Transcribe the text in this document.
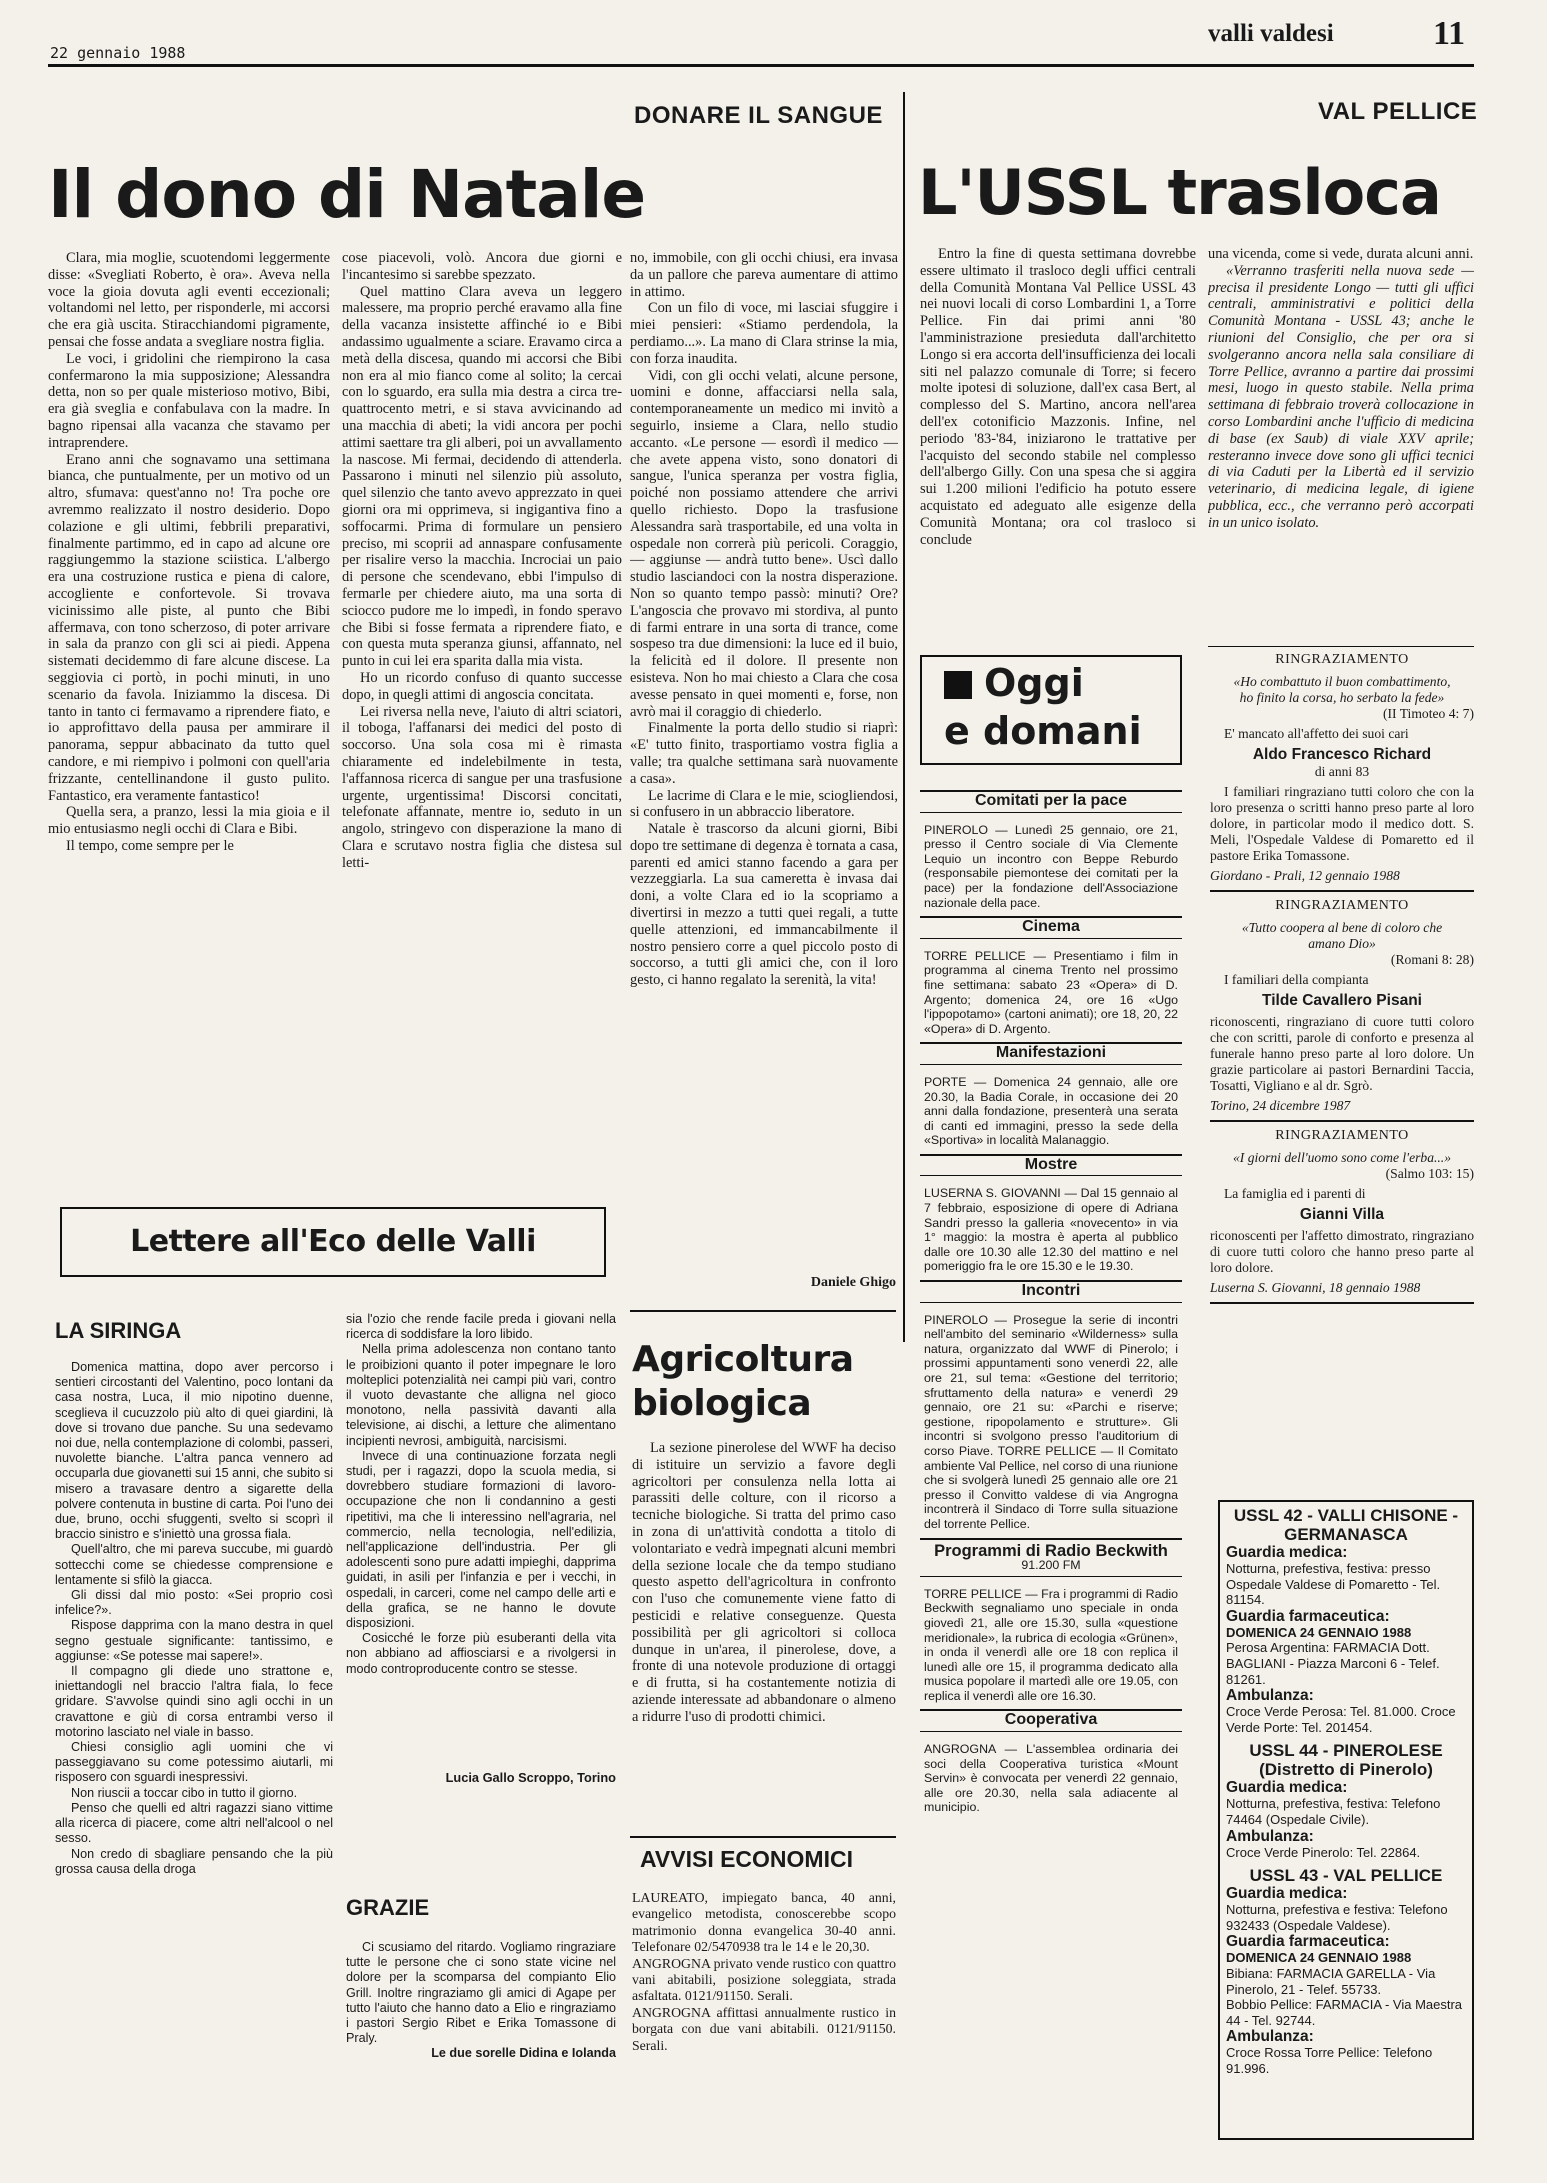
22 gennaio 1988
valli valdesi	11
DONARE IL SANGUE
Il dono di Natale

Clara, mia moglie, scuotendomi leggermente disse: «Svegliati Roberto, è ora». Aveva nella voce la gioia dovuta agli eventi eccezionali; voltandomi nel letto, per risponderle, mi accorsi che era già uscita. Stiracchiandomi pigramente, pensai che fosse andata a svegliare nostra figlia.

Le voci, i gridolini che riempirono la casa confermarono la mia supposizione; Alessandra detta, non so per quale misterioso motivo, Bibi, era già sveglia e confabulava con la madre. In bagno ripensai alla vacanza che stavamo per intraprendere.

Erano anni che sognavamo una settimana bianca, che puntualmente, per un motivo od un altro, sfumava: quest'anno no! Tra poche ore avremmo realizzato il nostro desiderio. Dopo colazione e gli ultimi, febbrili preparativi, finalmente partimmo, ed in capo ad alcune ore raggiungemmo la stazione sciistica. L'albergo era una costruzione rustica e piena di calore, accogliente e confortevole. Si trovava vicinissimo alle piste, al punto che Bibi affermava, con tono scherzoso, di poter arrivare in sala da pranzo con gli sci ai piedi. Appena sistemati decidemmo di fare alcune discese. La seggiovia ci portò, in pochi minuti, in uno scenario da favola. Iniziammo la discesa. Di tanto in tanto ci fermavamo a riprendere fiato, e io approfittavo della pausa per ammirare il panorama, seppur abbacinato da tutto quel candore, e mi riempivo i polmoni con quell'aria frizzante, centellinandone il gusto pulito. Fantastico, era veramente fantastico!

Quella sera, a pranzo, lessi la mia gioia e il mio entusiasmo negli occhi di Clara e Bibi.

Il tempo, come sempre per le

cose piacevoli, volò. Ancora due giorni e l'incantesimo si sarebbe spezzato.

Quel mattino Clara aveva un leggero malessere, ma proprio perché eravamo alla fine della vacanza insistette affinché io e Bibi andassimo ugualmente a sciare. Eravamo circa a metà della discesa, quando mi accorsi che Bibi non era al mio fianco come al solito; la cercai con lo sguardo, era sulla mia destra a circa tre-quattrocento metri, e si stava avvicinando ad una macchia di abeti; la vidi ancora per pochi attimi saettare tra gli alberi, poi un avvallamento la nascose. Mi fermai, decidendo di attenderla. Passarono i minuti nel silenzio più assoluto, quel silenzio che tanto avevo apprezzato in quei giorni ora mi opprimeva, si ingigantiva fino a soffocarmi. Prima di formulare un pensiero preciso, mi scoprii ad annaspare confusamente per risalire verso la macchia. Incrociai un paio di persone che scendevano, ebbi l'impulso di fermarle per chiedere aiuto, ma una sorta di sciocco pudore me lo impedì, in fondo speravo che Bibi si fosse fermata a riprendere fiato, e con questa muta speranza giunsi, affannato, nel punto in cui lei era sparita dalla mia vista.

Ho un ricordo confuso di quanto successe dopo, in quegli attimi di angoscia concitata.

Lei riversa nella neve, l'aiuto di altri sciatori, il toboga, l'affanarsi dei medici del posto di soccorso. Una sola cosa mi è rimasta chiaramente ed indelebilmente in testa, l'affannosa ricerca di sangue per una trasfusione urgente, urgentissima! Discorsi concitati, telefonate affannate, mentre io, seduto in un angolo, stringevo con disperazione la mano di Clara e scrutavo nostra figlia che distesa sul letti-

no, immobile, con gli occhi chiusi, era invasa da un pallore che pareva aumentare di attimo in attimo.

Con un filo di voce, mi lasciai sfuggire i miei pensieri: «Stiamo perdendola, la perdiamo...». La mano di Clara strinse la mia, con forza inaudita.

Vidi, con gli occhi velati, alcune persone, uomini e donne, affacciarsi nella sala, contemporaneamente un medico mi invitò a seguirlo, insieme a Clara, nello studio accanto. «Le persone — esordì il medico — che avete appena visto, sono donatori di sangue, l'unica speranza per vostra figlia, poiché non possiamo attendere che arrivi quello richiesto. Dopo la trasfusione Alessandra sarà trasportabile, ed una volta in ospedale non correrà più pericoli. Coraggio, — aggiunse — andrà tutto bene». Uscì dallo studio lasciandoci con la nostra disperazione. Non so quanto tempo passò: minuti? Ore? L'angoscia che provavo mi stordiva, al punto di farmi entrare in una sorta di trance, come sospeso tra due dimensioni: la luce ed il buio, la felicità ed il dolore. Il presente non esisteva. Non ho mai chiesto a Clara che cosa avesse pensato in quei momenti e, forse, non avrò mai il coraggio di chiederlo.

Finalmente la porta dello studio si riaprì: «E' tutto finito, trasportiamo vostra figlia a valle; tra qualche settimana sarà nuovamente a casa».

Le lacrime di Clara e le mie, sciogliendosi, si confusero in un abbraccio liberatore.

Natale è trascorso da alcuni giorni, Bibi dopo tre settimane di degenza è tornata a casa, parenti ed amici stanno facendo a gara per vezzeggiarla. La sua cameretta è invasa dai doni, a volte Clara ed io la scopriamo a divertirsi in mezzo a tutti quei regali, a tutte quelle attenzioni, ed immancabilmente il nostro pensiero corre a quel piccolo posto di soccorso, a tutti gli amici che, con il loro gesto, ci hanno regalato la serenità, la vita!

Daniele Ghigo
Lettere all'Eco delle Valli
LA SIRINGA

Domenica mattina, dopo aver percorso i sentieri circostanti del Valentino, poco lontani da casa nostra, Luca, il mio nipotino duenne, sceglieva il cucuzzolo più alto di quei giardini, là dove si trovano due panche. Su una sedevamo noi due, nella contemplazione di colombi, passeri, nuvolette bianche. L'altra panca vennero ad occuparla due giovanetti sui 15 anni, che subito si misero a travasare dentro a sigarette della polvere contenuta in bustine di carta. Poi l'uno dei due, bruno, occhi sfuggenti, svelto si scoprì il braccio sinistro e s'iniettò una grossa fiala.

Quell'altro, che mi pareva succube, mi guardò sottecchi come se chiedesse comprensione e lentamente si sfilò la giacca.

Gli dissi dal mio posto: «Sei proprio così infelice?».

Rispose dapprima con la mano destra in quel segno gestuale significante: tantissimo, e aggiunse: «Se potesse mai sapere!».

Il compagno gli diede uno strattone e, iniettandogli nel braccio l'altra fiala, lo fece gridare. S'avvolse quindi sino agli occhi in un cravattone e giù di corsa entrambi verso il motorino lasciato nel viale in basso.

Chiesi consiglio agli uomini che vi passeggiavano su come potessimo aiutarli, mi risposero con sguardi inespressivi.

Non riuscii a toccar cibo in tutto il giorno.

Penso che quelli ed altri ragazzi siano vittime alla ricerca di piacere, come altri nell'alcool o nel sesso.

Non credo di sbagliare pensando che la più grossa causa della droga

sia l'ozio che rende facile preda i giovani nella ricerca di soddisfare la loro libido.

Nella prima adolescenza non contano tanto le proibizioni quanto il poter impegnare le loro molteplici potenzialità nei campi più vari, contro il vuoto devastante che alligna nel gioco monotono, nella passività davanti alla televisione, ai dischi, a letture che alimentano incipienti nevrosi, ambiguità, narcisismi.

Invece di una continuazione forzata negli studi, per i ragazzi, dopo la scuola media, si dovrebbero studiare formazioni di lavoro-occupazione che non li condannino a gesti ripetitivi, ma che li interessino nell'agraria, nel commercio, nella tecnologia, nell'edilizia, nell'applicazione dell'industria. Per gli adolescenti sono pure adatti impieghi, dapprima guidati, in asili per l'infanzia e per i vecchi, in ospedali, in carceri, come nel campo delle arti e della grafica, se ne hanno le dovute disposizioni.

Cosicché le forze più esuberanti della vita non abbiano ad affiosciarsi e a rivolgersi in modo controproducente contro se stesse.

Lucia Gallo Scroppo, Torino
GRAZIE

Ci scusiamo del ritardo. Vogliamo ringraziare tutte le persone che ci sono state vicine nel dolore per la scomparsa del compianto Elio Grill. Inoltre ringraziamo gli amici di Agape per tutto l'aiuto che hanno dato a Elio e ringraziamo i pastori Sergio Ribet e Erika Tomassone di Praly.

Le due sorelle Didina e Iolanda

Agricoltura
biologica

La sezione pinerolese del WWF ha deciso di istituire un servizio a favore degli agricoltori per consulenza nella lotta ai parassiti delle colture, con il ricorso a tecniche biologiche. Si tratta del primo caso in zona di un'attività condotta a titolo di volontariato e vedrà impegnati alcuni membri della sezione locale che da tempo studiano questo aspetto dell'agricoltura in confronto con l'uso che comunemente viene fatto di pesticidi e relative conseguenze. Questa possibilità per gli agricoltori si colloca dunque in un'area, il pinerolese, dove, a fronte di una notevole produzione di ortaggi e di frutta, si ha costantemente notizia di aziende interessate ad abbandonare o almeno a ridurre l'uso di prodotti chimici.

AVVISI ECONOMICI

LAUREATO, impiegato banca, 40 anni, evangelico metodista, conoscerebbe scopo matrimonio donna evangelica 30-40 anni. Telefonare 02/5470938 tra le 14 e le 20,30.

ANGROGNA privato vende rustico con quattro vani abitabili, posizione soleggiata, strada asfaltata. 0121/91150. Serali.

ANGROGNA affittasi annualmente rustico in borgata con due vani abitabili. 0121/91150. Serali.

VAL PELLICE
L'USSL trasloca

Entro la fine di questa settimana dovrebbe essere ultimato il trasloco degli uffici centrali della Comunità Montana Val Pellice USSL 43 nei nuovi locali di corso Lombardini 1, a Torre Pellice. Fin dai primi anni '80 l'amministrazione presieduta dall'architetto Longo si era accorta dell'insufficienza dei locali siti nel palazzo comunale di Torre; si fecero molte ipotesi di soluzione, dall'ex casa Bert, al complesso del S. Martino, ancora nell'area dell'ex cotonificio Mazzonis. Infine, nel periodo '83-'84, iniziarono le trattative per l'acquisto del secondo stabile nel complesso dell'albergo Gilly. Con una spesa che si aggira sui 1.200 milioni l'edificio ha potuto essere acquistato ed adeguato alle esigenze della Comunità Montana; ora col trasloco si conclude

una vicenda, come si vede, durata alcuni anni.

«Verranno trasferiti nella nuova sede — precisa il presidente Longo — tutti gli uffici centrali, amministrativi e politici della Comunità Montana - USSL 43; anche le riunioni del Consiglio, che per ora si svolgeranno ancora nella sala consiliare di Torre Pellice, avranno a partire dai prossimi mesi, luogo in questo stabile. Nella prima settimana di febbraio troverà collocazione in corso Lombardini anche l'ufficio di medicina di base (ex Saub) di viale XXV aprile; resteranno invece dove sono gli uffici tecnici di via Caduti per la Libertà ed il servizio veterinario, di medicina legale, di igiene pubblica, ecc., che verranno però accorpati in un unico isolato.

Oggi
e domani
Comitati per la pace
PINEROLO — Lunedì 25 gennaio, ore 21, presso il Centro sociale di Via Clemente Lequio un incontro con Beppe Reburdo (responsabile piemontese dei comitati per la pace) per la fondazione dell'Associazione nazionale della pace.
Cinema
TORRE PELLICE — Presentiamo i film in programma al cinema Trento nel prossimo fine settimana: sabato 23 «Opera» di D. Argento; domenica 24, ore 16 «Ugo l'ippopotamo» (cartoni animati); ore 18, 20, 22 «Opera» di D. Argento.
Manifestazioni
PORTE — Domenica 24 gennaio, alle ore 20.30, la Badia Corale, in occasione dei 20 anni dalla fondazione, presenterà una serata di canti ed immagini, presso la sede della «Sportiva» in località Malanaggio.
Mostre
LUSERNA S. GIOVANNI — Dal 15 gennaio al 7 febbraio, esposizione di opere di Adriana Sandri presso la galleria «novecento» in via 1° maggio: la mostra è aperta al pubblico dalle ore 10.30 alle 12.30 del mattino e nel pomeriggio fra le ore 15.30 e le 19.30.
Incontri
PINEROLO — Prosegue la serie di incontri nell'ambito del seminario «Wilderness» sulla natura, organizzato dal WWF di Pinerolo; i prossimi appuntamenti sono venerdì 22, alle ore 21, sul tema: «Gestione del territorio; sfruttamento della natura» e venerdì 29 gennaio, ore 21 su: «Parchi e riserve; gestione, ripopolamento e strutture». Gli incontri si svolgono presso l'auditorium di corso Piave. TORRE PELLICE — Il Comitato ambiente Val Pellice, nel corso di una riunione che si svolgerà lunedì 25 gennaio alle ore 21 presso il Convitto valdese di via Angrogna incontrerà il Sindaco di Torre sulla situazione del torrente Pellice.
Programmi di Radio Beckwith
91.200 FM
TORRE PELLICE — Fra i programmi di Radio Beckwith segnaliamo uno speciale in onda giovedì 21, alle ore 15.30, sulla «questione meridionale», la rubrica di ecologia «Grünen», in onda il venerdì alle ore 18 con replica il lunedì alle ore 15, il programma dedicato alla musica popolare il martedì alle ore 19.05, con replica il venerdì alle ore 16.30.
Cooperativa
ANGROGNA — L'assemblea ordinaria dei soci della Cooperativa turistica «Mount Servin» è convocata per venerdì 22 gennaio, alle ore 20.30, nella sala adiacente al municipio.
RINGRAZIAMENTO
«Ho combattuto il buon combattimento, ho finito la corsa, ho serbato la fede»
(II Timoteo 4: 7)
E' mancato all'affetto dei suoi cari
Aldo Francesco Richard
di anni 83

I familiari ringraziano tutti coloro che con la loro presenza o scritti hanno preso parte al loro dolore, in particolar modo il medico dott. S. Meli, l'Ospedale Valdese di Pomaretto ed il pastore Erika Tomassone.

Giordano - Prali, 12 gennaio 1988
RINGRAZIAMENTO
«Tutto coopera al bene di coloro che amano Dio»
(Romani 8: 28)
I familiari della compianta
Tilde Cavallero Pisani

riconoscenti, ringraziano di cuore tutti coloro che con scritti, parole di conforto e presenza al funerale hanno preso parte al loro dolore. Un grazie particolare ai pastori Bernardini Taccia, Tosatti, Vigliano e al dr. Sgrò.

Torino, 24 dicembre 1987
RINGRAZIAMENTO
«I giorni dell'uomo sono come l'erba...»
(Salmo 103: 15)
La famiglia ed i parenti di
Gianni Villa

riconoscenti per l'affetto dimostrato, ringraziano di cuore tutti coloro che hanno preso parte al loro dolore.

Luserna S. Giovanni, 18 gennaio 1988
USSL 42 - VALLI CHISONE - GERMANASCA
Guardia medica:
Notturna, prefestiva, festiva: presso Ospedale Valdese di Pomaretto - Tel. 81154.
Guardia farmaceutica:
DOMENICA 24 GENNAIO 1988
Perosa Argentina: FARMACIA Dott. BAGLIANI - Piazza Marconi 6 - Telef. 81261.
Ambulanza:
Croce Verde Perosa: Tel. 81.000. Croce Verde Porte: Tel. 201454.
USSL 44 - PINEROLESE (Distretto di Pinerolo)
Guardia medica:
Notturna, prefestiva, festiva: Telefono 74464 (Ospedale Civile).
Ambulanza:
Croce Verde Pinerolo: Tel. 22864.
USSL 43 - VAL PELLICE
Guardia medica:
Notturna, prefestiva e festiva: Telefono 932433 (Ospedale Valdese).
Guardia farmaceutica:
DOMENICA 24 GENNAIO 1988
Bibiana: FARMACIA GARELLA - Via Pinerolo, 21 - Telef. 55733.
Bobbio Pellice: FARMACIA - Via Maestra 44 - Tel. 92744.
Ambulanza:
Croce Rossa Torre Pellice: Telefono 91.996.
